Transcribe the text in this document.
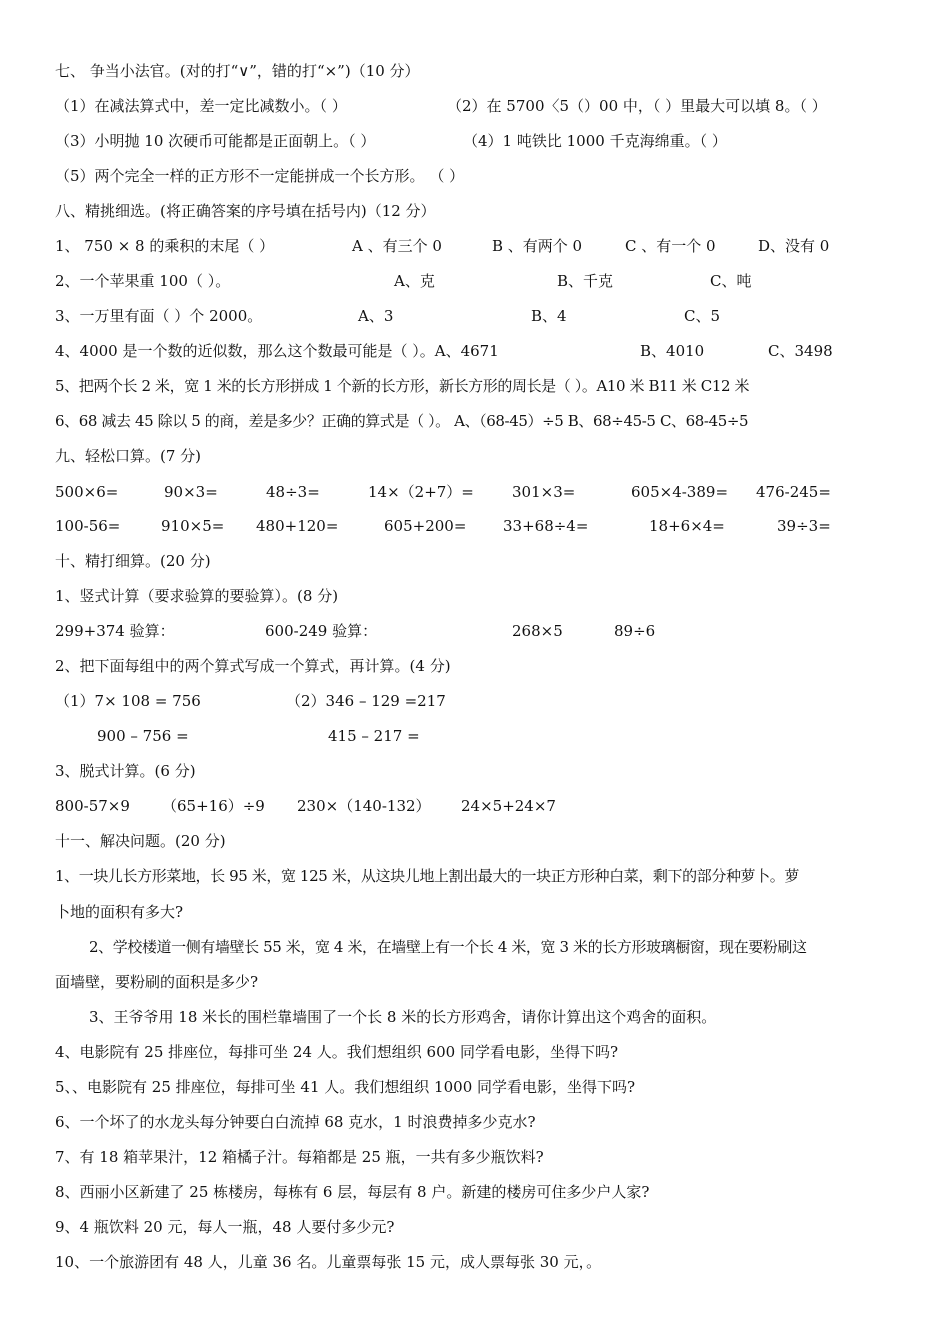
七、 争当小法官。(对的打“∨”，错的打“×”)（10 分）
（1）在减法算式中，差一定比减数小。（ ）	（2）在 5700〈5（）00 中，（ ）里最大可以填 8。（ ）
（3）小明抛 10 次硬币可能都是正面朝上。（ ）	（4）1 吨铁比 1000 千克海绵重。（ ）
（5）两个完全一样的正方形不一定能拼成一个长方形。 （ ）
八、精挑细选。(将正确答案的序号填在括号内)（12 分）
1、 750 × 8 的乘积的末尾（ ）	A 、有三个 0	B 、有两个 0	C 、有一个 0	D、没有 0
2、一个苹果重 100（ ）。	A、克	B、千克	C、吨
3、一万里有面（ ）个 2000。	A、3	B、4	C、5
4、4000 是一个数的近似数，那么这个数最可能是（ ）。A、4671	B、4010	C、3498
5、把两个长 2 米，宽 1 米的长方形拼成 1 个新的长方形，新长方形的周长是（ ）。A10 米 B11 米 C12 米
6、68 减去 45 除以 5 的商，差是多少？正确的算式是（ ）。 A、（68-45）÷5 B、68÷45-5 C、68-45÷5
九、轻松口算。(7 分)
500×6=	90×3=	48÷3=	14×（2+7）=	301×3=	605×4-389= 476-245=
100-56=	910×5= 480+120=	605+200= 33+68÷4=	18+6×4=	39÷3=
十、精打细算。(20 分)
1、竖式计算（要求验算的要验算）。(8 分)
299+374 验算：	600-249 验算：	268×5	89÷6
2、把下面每组中的两个算式写成一个算式，再计算。(4 分)
（1）7× 108 = 756	（2）346 – 129 =217
900 – 756 =	415 – 217 =
3、脱式计算。(6 分)
800-57×9 （65+16）÷9 230×（140-132） 24×5+24×7
十一、解决问题。(20 分)
1、一块儿长方形菜地，长 95 米，宽 125 米，从这块儿地上割出最大的一块正方形种白菜，剩下的部分种萝卜。萝
卜地的面积有多大?
2、学校楼道一侧有墙壁长 55 米，宽 4 米，在墙壁上有一个长 4 米，宽 3 米的长方形玻璃橱窗，现在要粉刷这
面墙壁，要粉刷的面积是多少?
3、王爷爷用 18 米长的围栏靠墙围了一个长 8 米的长方形鸡舍，请你计算出这个鸡舍的面积。
4、电影院有 25 排座位，每排可坐 24 人。我们想组织 600 同学看电影，坐得下吗?
5、、电影院有 25 排座位，每排可坐 41 人。我们想组织 1000 同学看电影，坐得下吗?
6、一个坏了的水龙头每分钟要白白流掉 68 克水，1 时浪费掉多少克水?
7、有 18 箱苹果汁，12 箱橘子汁。每箱都是 25 瓶，一共有多少瓶饮料?
8、西丽小区新建了 25 栋楼房，每栋有 6 层，每层有 8 户。新建的楼房可住多少户人家?
9、4 瓶饮料 20 元，每人一瓶，48 人要付多少元?
10、一个旅游团有 48 人，儿童 36 名。儿童票每张 15 元，成人票每张 30 元，。
